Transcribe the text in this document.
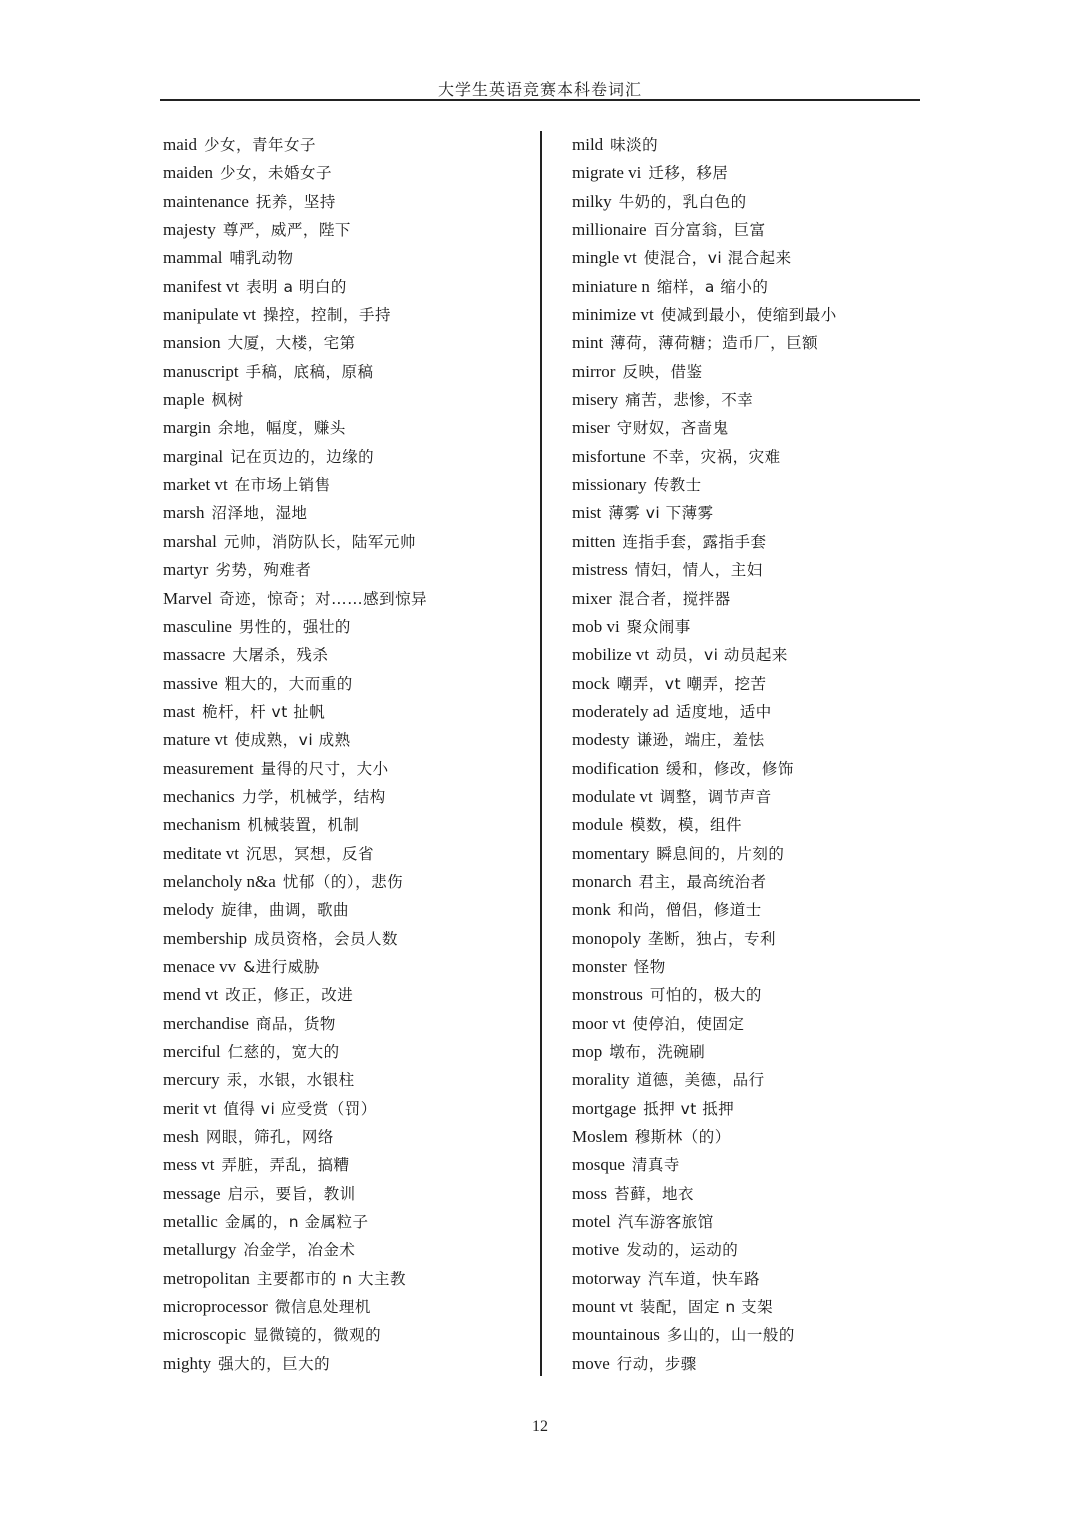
大学生英语竞赛本科卷词汇
maid 少女，青年女子
maiden 少女，未婚女子
maintenance 抚养，坚持
majesty 尊严，威严，陛下
mammal 哺乳动物
manifest vt 表明 a 明白的
manipulate vt 操控，控制，手持
mansion 大厦，大楼，宅第
manuscript 手稿，底稿，原稿
maple 枫树
margin 余地，幅度，赚头
marginal 记在页边的，边缘的
market vt 在市场上销售
marsh 沼泽地，湿地
marshal 元帅，消防队长，陆军元帅
martyr 劣势，殉难者
Marvel 奇迹，惊奇；对……感到惊异
masculine 男性的，强壮的
massacre 大屠杀，残杀
massive 粗大的，大而重的
mast 桅杆，杆 vt 扯帆
mature vt 使成熟，vi 成熟
measurement 量得的尺寸，大小
mechanics 力学，机械学，结构
mechanism 机械装置，机制
meditate vt 沉思，冥想，反省
melancholy n&a 忧郁（的），悲伤
melody 旋律，曲调，歌曲
membership 成员资格，会员人数
menace vv &进行威胁
mend vt 改正，修正，改进
merchandise 商品，货物
merciful 仁慈的，宽大的
mercury 汞，水银，水银柱
merit vt 值得 vi 应受赏（罚）
mesh 网眼，筛孔，网络
mess vt 弄脏，弄乱，搞糟
message 启示，要旨，教训
metallic 金属的，n 金属粒子
metallurgy 冶金学，冶金术
metropolitan 主要都市的 n 大主教
microprocessor 微信息处理机
microscopic 显微镜的，微观的
mighty 强大的，巨大的
mild 味淡的
migrate vi 迁移，移居
milky 牛奶的，乳白色的
millionaire 百分富翁，巨富
mingle vt 使混合，vi 混合起来
miniature n 缩样，a 缩小的
minimize vt 使减到最小，使缩到最小
mint 薄荷，薄荷糖；造币厂，巨额
mirror 反映，借鉴
misery 痛苦，悲惨，不幸
miser 守财奴，吝啬鬼
misfortune 不幸，灾祸，灾难
missionary 传教士
mist 薄雾 vi 下薄雾
mitten 连指手套，露指手套
mistress 情妇，情人，主妇
mixer 混合者，搅拌器
mob vi 聚众闹事
mobilize vt 动员，vi 动员起来
mock 嘲弄，vt 嘲弄，挖苦
moderately ad 适度地，适中
modesty 谦逊，端庄，羞怯
modification 缓和，修改，修饰
modulate vt 调整，调节声音
module 模数，模，组件
momentary 瞬息间的，片刻的
monarch 君主，最高统治者
monk 和尚，僧侣，修道士
monopoly 垄断，独占，专利
monster 怪物
monstrous 可怕的，极大的
moor vt 使停泊，使固定
mop 墩布，洗碗刷
morality 道德，美德，品行
mortgage 抵押 vt 抵押
Moslem 穆斯林（的）
mosque 清真寺
moss 苔藓，地衣
motel 汽车游客旅馆
motive 发动的，运动的
motorway 汽车道，快车路
mount vt 装配，固定 n 支架
mountainous 多山的，山一般的
move 行动，步骤
12
